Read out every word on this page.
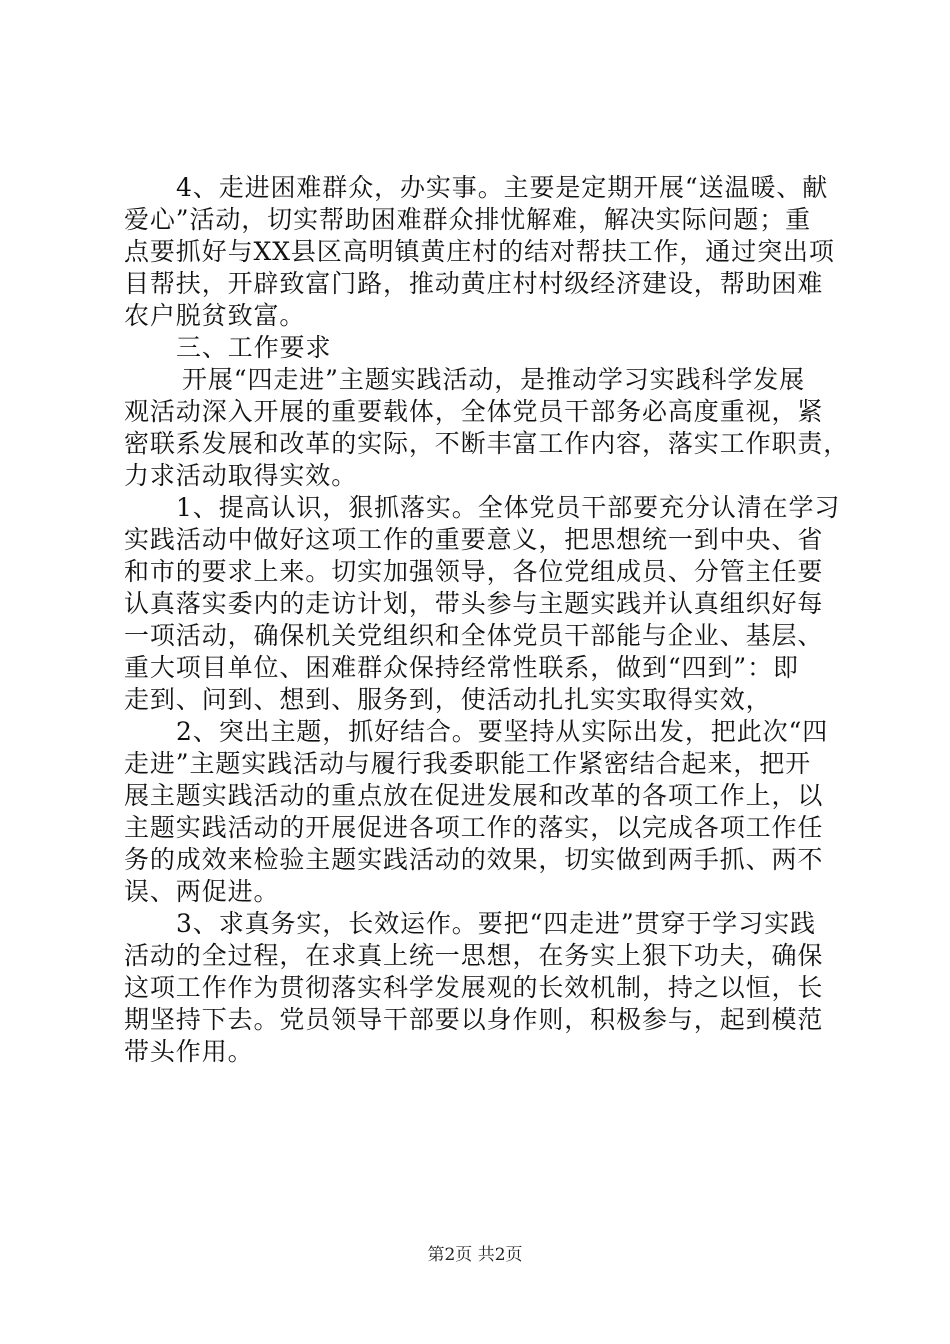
4、走进困难群众，办实事。主要是定期开展“送温暖、献
爱心”活动，切实帮助困难群众排忧解难，解决实际问题；重
点要抓好与XX县区高明镇黄庄村的结对帮扶工作，通过突出项
目帮扶，开辟致富门路，推动黄庄村村级经济建设，帮助困难
农户脱贫致富。
三、工作要求
开展“四走进”主题实践活动，是推动学习实践科学发展
观活动深入开展的重要载体，全体党员干部务必高度重视，紧
密联系发展和改革的实际，不断丰富工作内容，落实工作职责，
力求活动取得实效。
1、提高认识，狠抓落实。全体党员干部要充分认清在学习
实践活动中做好这项工作的重要意义，把思想统一到中央、省
和市的要求上来。切实加强领导，各位党组成员、分管主任要
认真落实委内的走访计划，带头参与主题实践并认真组织好每
一项活动，确保机关党组织和全体党员干部能与企业、基层、
重大项目单位、困难群众保持经常性联系，做到“四到”：即
走到、问到、想到、服务到，使活动扎扎实实取得实效，
2、突出主题，抓好结合。要坚持从实际出发，把此次“四
走进”主题实践活动与履行我委职能工作紧密结合起来，把开
展主题实践活动的重点放在促进发展和改革的各项工作上，以
主题实践活动的开展促进各项工作的落实，以完成各项工作任
务的成效来检验主题实践活动的效果，切实做到两手抓、两不
误、两促进。
3、求真务实，长效运作。要把“四走进”贯穿于学习实践
活动的全过程，在求真上统一思想，在务实上狠下功夫，确保
这项工作作为贯彻落实科学发展观的长效机制，持之以恒，长
期坚持下去。党员领导干部要以身作则，积极参与，起到模范
带头作用。
第2页 共2页
